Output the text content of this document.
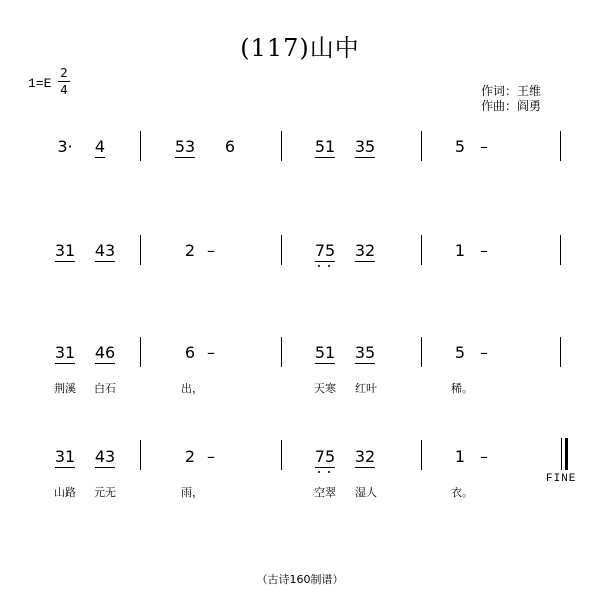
(117)山中
1=E
2
4	作词：王维
作曲：阎勇
3·	4	53	6	51	35	5 –
31	43	2 –	75	32	1 –
31	46	6 –	51	35	5 –
荆溪	白石	出，	天寒	红叶	稀。
31	43	2 –	75	32	1 –
山路	元无	雨，	空翠	湿人	衣。
FINE
（古诗160制谱）
